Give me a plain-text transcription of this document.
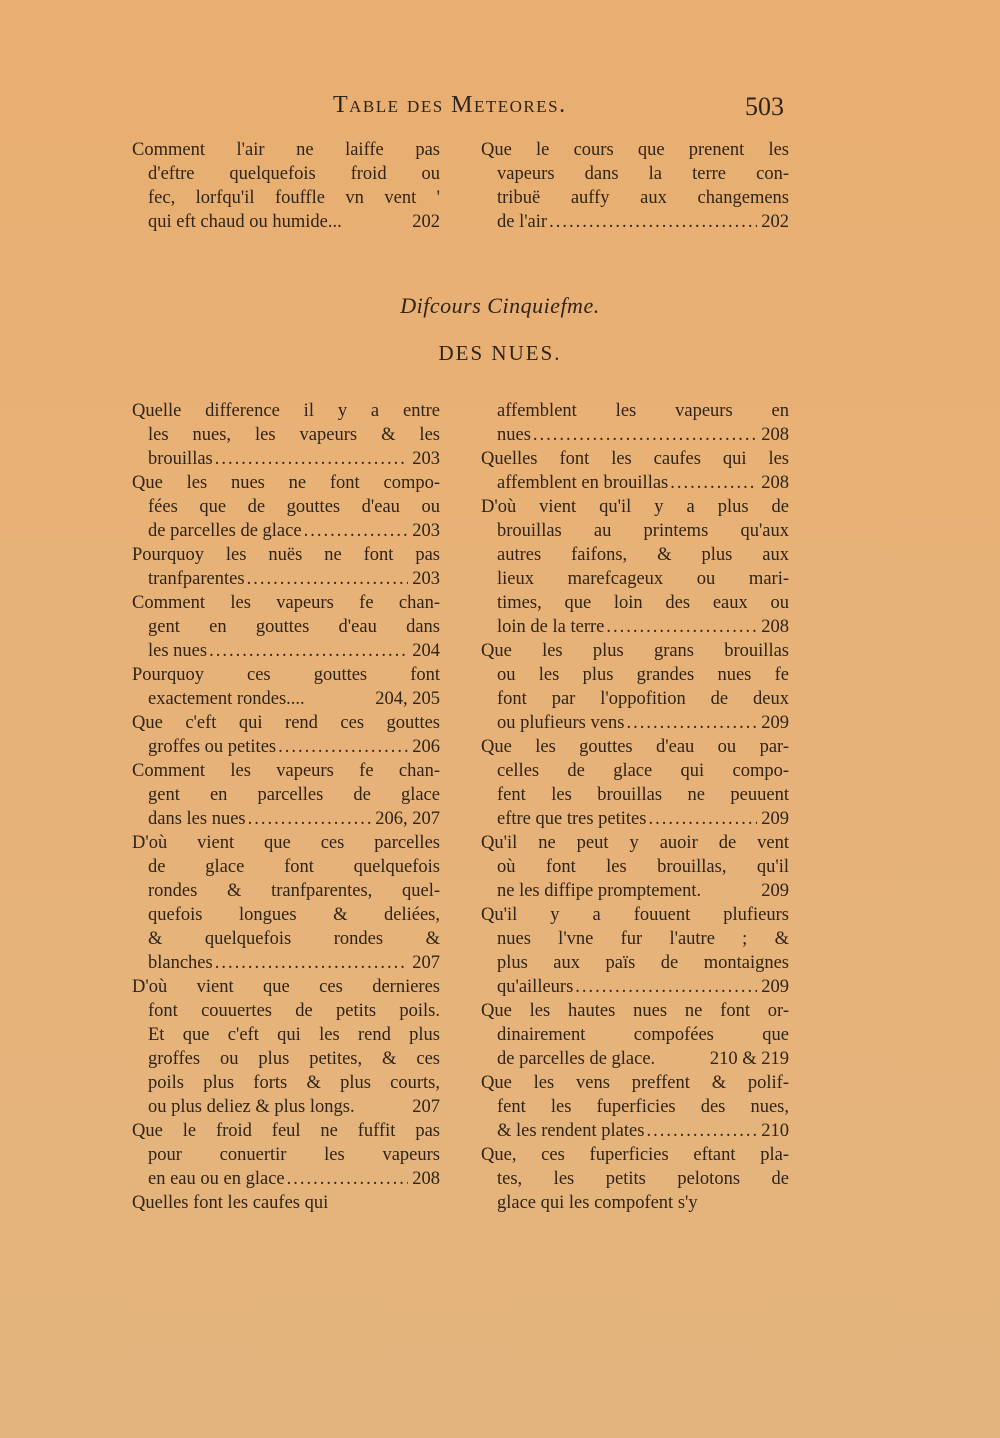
Table des Meteores.	503
Comment l'air ne laiffe pas
d'eftre quelquefois froid ou
fec, lorfqu'il fouffle vn vent '
qui eft chaud ou humide...	202
Que le cours que prenent les
vapeurs dans la terre con-
tribuë auffy aux changemens
de l'air .....	202
Difcours Cinquiefme.
DES NUES.
Quelle difference il y a entre
les nues, les vapeurs & les
brouillas .....	203
Que les nues ne font compo-
fées que de gouttes d'eau ou
de parcelles de glace .....	203
Pourquoy les nuës ne font pas
tranfparentes .....	203
Comment les vapeurs fe chan-
gent en gouttes d'eau dans
les nues .....	204
Pourquoy ces gouttes font
exactement rondes....	204, 205
Que c'eft qui rend ces gouttes
groffes ou petites .....	206
Comment les vapeurs fe chan-
gent en parcelles de glace
dans les nues .....	206, 207
D'où vient que ces parcelles
de glace font quelquefois
rondes & tranfparentes, quel-
quefois longues & deliées,
& quelquefois rondes &
blanches .....	207
D'où vient que ces dernieres
font couuertes de petits poils.
Et que c'eft qui les rend plus
groffes ou plus petites, & ces
poils plus forts & plus courts,
ou plus deliez & plus longs.	207
Que le froid feul ne fuffit pas
pour conuertir les vapeurs
en eau ou en glace .....	208
Quelles font les caufes qui
affemblent les vapeurs en
nues .....	208
Quelles font les caufes qui les
affemblent en brouillas .....	208
D'où vient qu'il y a plus de
brouillas au printems qu'aux
autres faifons, & plus aux
lieux marefcageux ou mari-
times, que loin des eaux ou
loin de la terre .....	208
Que les plus grans brouillas
ou les plus grandes nues fe
font par l'oppofition de deux
ou plufieurs vens .....	209
Que les gouttes d'eau ou par-
celles de glace qui compo-
fent les brouillas ne peuuent
eftre que tres petites .....	209
Qu'il ne peut y auoir de vent
où font les brouillas, qu'il
ne les diffipe promptement.	209
Qu'il y a fouuent plufieurs
nues l'vne fur l'autre ; &
plus aux païs de montaignes
qu'ailleurs .....	209
Que les hautes nues ne font or-
dinairement compofées que
de parcelles de glace.	210 & 219
Que les vens preffent & polif-
fent les fuperficies des nues,
& les rendent plates .....	210
Que, ces fuperficies eftant pla-
tes, les petits pelotons de
glace qui les compofent s'y
